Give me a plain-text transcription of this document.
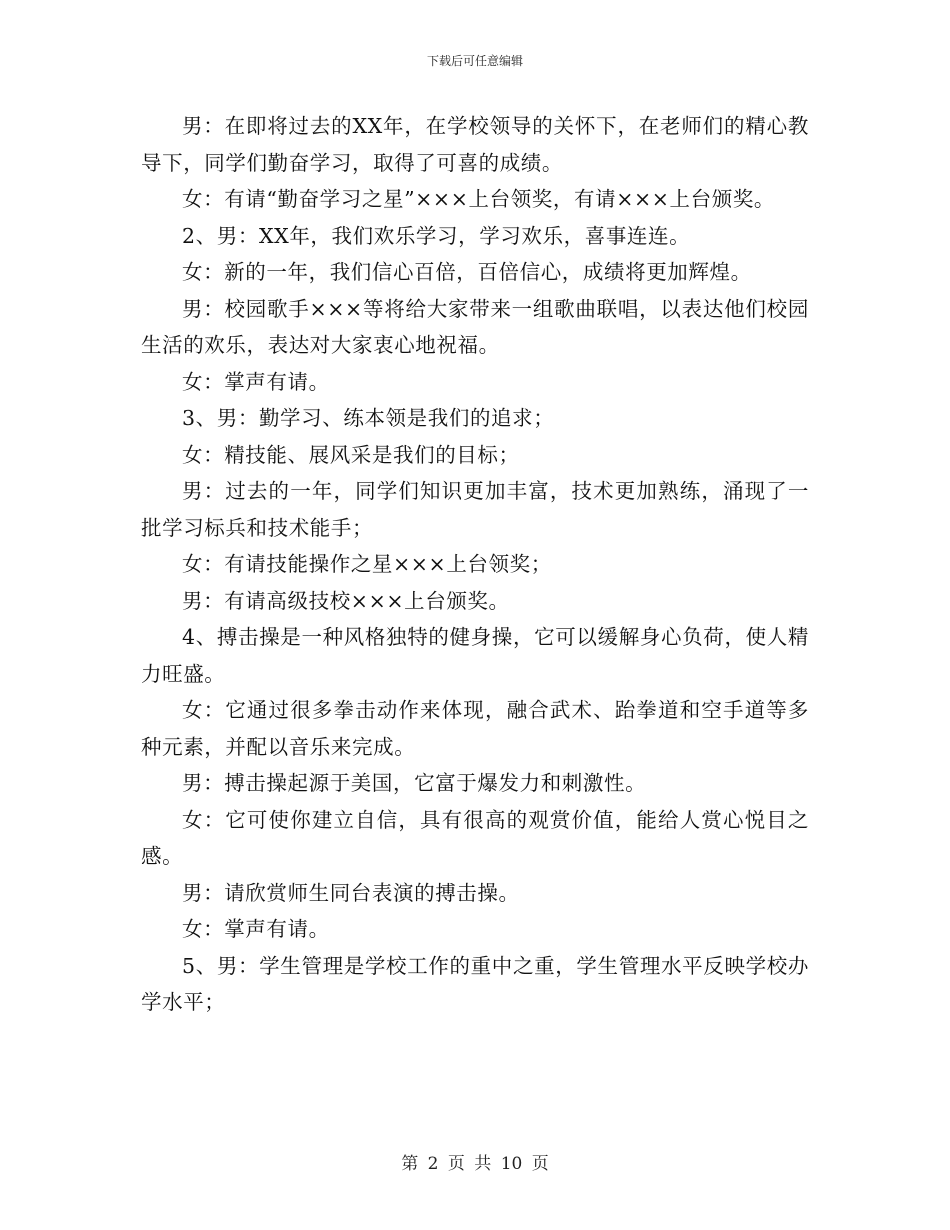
下载后可任意编辑

男：在即将过去的XX年，在学校领导的关怀下，在老师们的精心教导下，同学们勤奋学习，取得了可喜的成绩。

女：有请“勤奋学习之星”×××上台领奖，有请×××上台颁奖。

2、男：XX年，我们欢乐学习，学习欢乐，喜事连连。

女：新的一年，我们信心百倍，百倍信心，成绩将更加辉煌。

男：校园歌手×××等将给大家带来一组歌曲联唱，以表达他们校园生活的欢乐，表达对大家衷心地祝福。

女：掌声有请。

3、男：勤学习、练本领是我们的追求；

女：精技能、展风采是我们的目标；

男：过去的一年，同学们知识更加丰富，技术更加熟练，涌现了一批学习标兵和技术能手；

女：有请技能操作之星×××上台领奖；

男：有请高级技校×××上台颁奖。

4、搏击操是一种风格独特的健身操，它可以缓解身心负荷，使人精力旺盛。

女：它通过很多拳击动作来体现，融合武术、跆拳道和空手道等多种元素，并配以音乐来完成。

男：搏击操起源于美国，它富于爆发力和刺激性。

女：它可使你建立自信，具有很高的观赏价值，能给人赏心悦目之感。

男：请欣赏师生同台表演的搏击操。

女：掌声有请。

5、男：学生管理是学校工作的重中之重，学生管理水平反映学校办学水平；

第 2 页 共 10 页
